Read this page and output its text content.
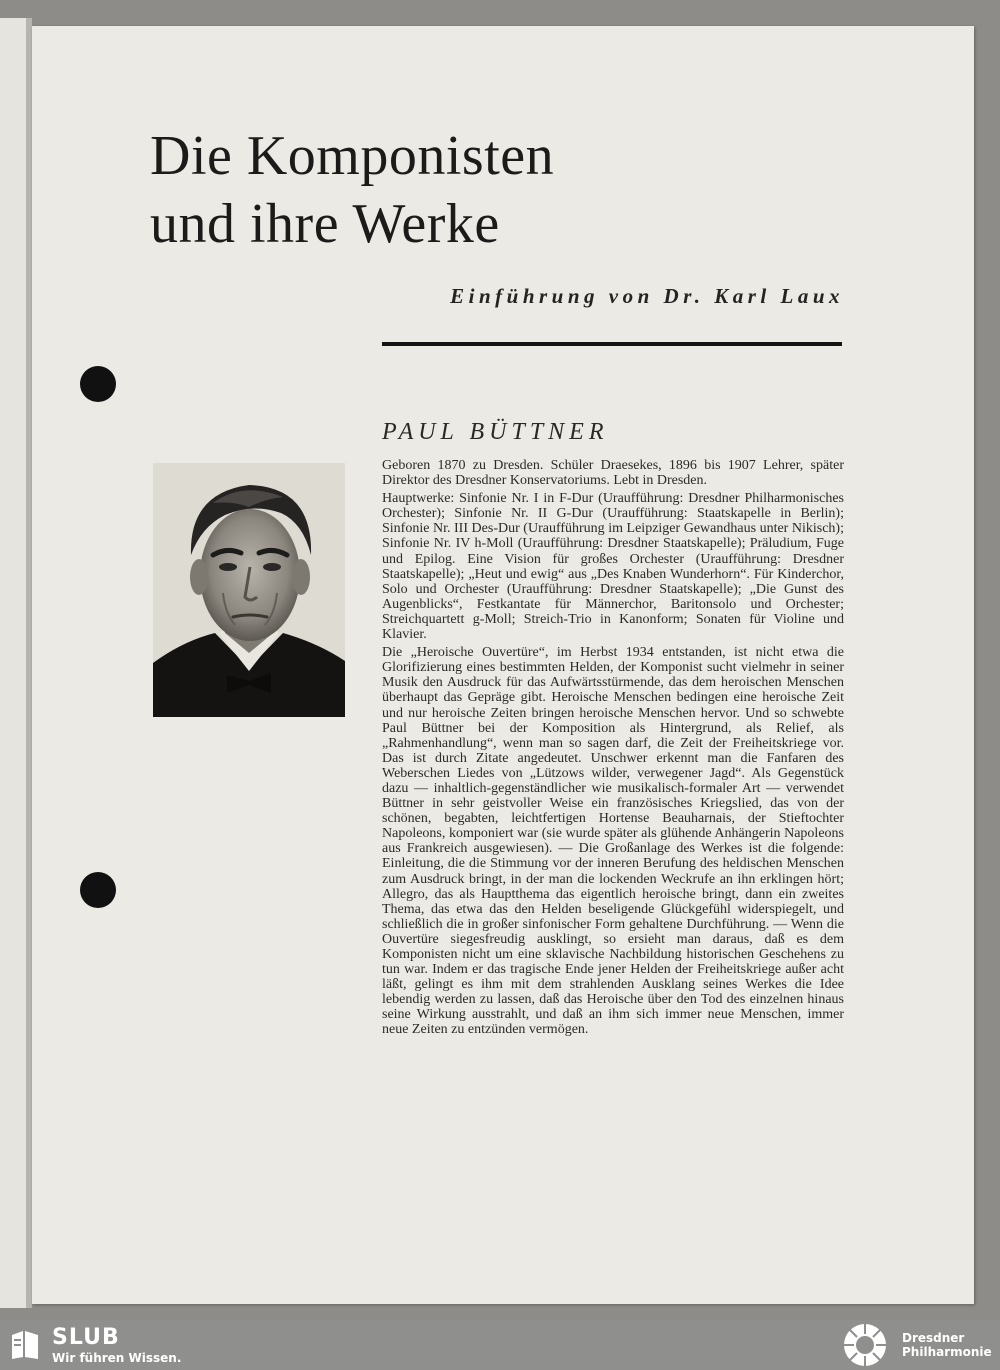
Die Komponisten
und ihre Werke
Einführung von Dr. Karl Laux
PAUL BÜTTNER

Geboren 1870 zu Dresden. Schüler Draesekes, 1896 bis 1907 Lehrer, später Direktor des Dresdner Konservatoriums. Lebt in Dresden.

Hauptwerke: Sinfonie Nr. I in F-Dur (Uraufführung: Dresdner Philharmonisches Orchester); Sinfonie Nr. II G-Dur (Uraufführung: Staatskapelle in Berlin); Sinfonie Nr. III Des-Dur (Uraufführung im Leipziger Gewandhaus unter Nikisch); Sinfonie Nr. IV h-Moll (Uraufführung: Dresdner Staatskapelle); Präludium, Fuge und Epilog. Eine Vision für großes Orchester (Uraufführung: Dresdner Staatskapelle); „Heut und ewig“ aus „Des Knaben Wunderhorn“. Für Kinderchor, Solo und Orchester (Uraufführung: Dresdner Staatskapelle); „Die Gunst des Augenblicks“, Festkantate für Männerchor, Baritonsolo und Orchester; Streichquartett g-Moll; Streich-Trio in Kanonform; Sonaten für Violine und Klavier.

Die „Heroische Ouvertüre“, im Herbst 1934 entstanden, ist nicht etwa die Glorifizierung eines bestimmten Helden, der Komponist sucht vielmehr in seiner Musik den Ausdruck für das Aufwärtsstürmende, das dem heroischen Menschen überhaupt das Gepräge gibt. Heroische Menschen bedingen eine heroische Zeit und nur heroische Zeiten bringen heroische Menschen hervor. Und so schwebte Paul Büttner bei der Komposition als Hintergrund, als Relief, als „Rahmenhandlung“, wenn man so sagen darf, die Zeit der Freiheitskriege vor. Das ist durch Zitate angedeutet. Unschwer erkennt man die Fanfaren des Weberschen Liedes von „Lützows wilder, verwegener Jagd“. Als Gegenstück dazu — inhaltlich-gegenständlicher wie musikalisch-formaler Art — verwendet Büttner in sehr geistvoller Weise ein französisches Kriegslied, das von der schönen, begabten, leichtfertigen Hortense Beauharnais, der Stieftochter Napoleons, komponiert war (sie wurde später als glühende Anhängerin Napoleons aus Frankreich ausgewiesen). — Die Großanlage des Werkes ist die folgende: Einleitung, die die Stimmung vor der inneren Berufung des heldischen Menschen zum Ausdruck bringt, in der man die lockenden Weckrufe an ihn erklingen hört; Allegro, das als Hauptthema das eigentlich heroische bringt, dann ein zweites Thema, das etwa das den Helden beseligende Glückgefühl widerspiegelt, und schließlich die in großer sinfonischer Form gehaltene Durchführung. — Wenn die Ouvertüre siegesfreudig ausklingt, so ersieht man daraus, daß es dem Komponisten nicht um eine sklavische Nachbildung historischen Geschehens zu tun war. Indem er das tragische Ende jener Helden der Freiheitskriege außer acht läßt, gelingt es ihm mit dem strahlenden Ausklang seines Werkes die Idee lebendig werden zu lassen, daß das Heroische über den Tod des einzelnen hinaus seine Wirkung ausstrahlt, und daß an ihm sich immer neue Menschen, immer neue Zeiten zu entzünden vermögen.

SLUB
Wir führen Wissen.
Dresdner
Philharmonie
